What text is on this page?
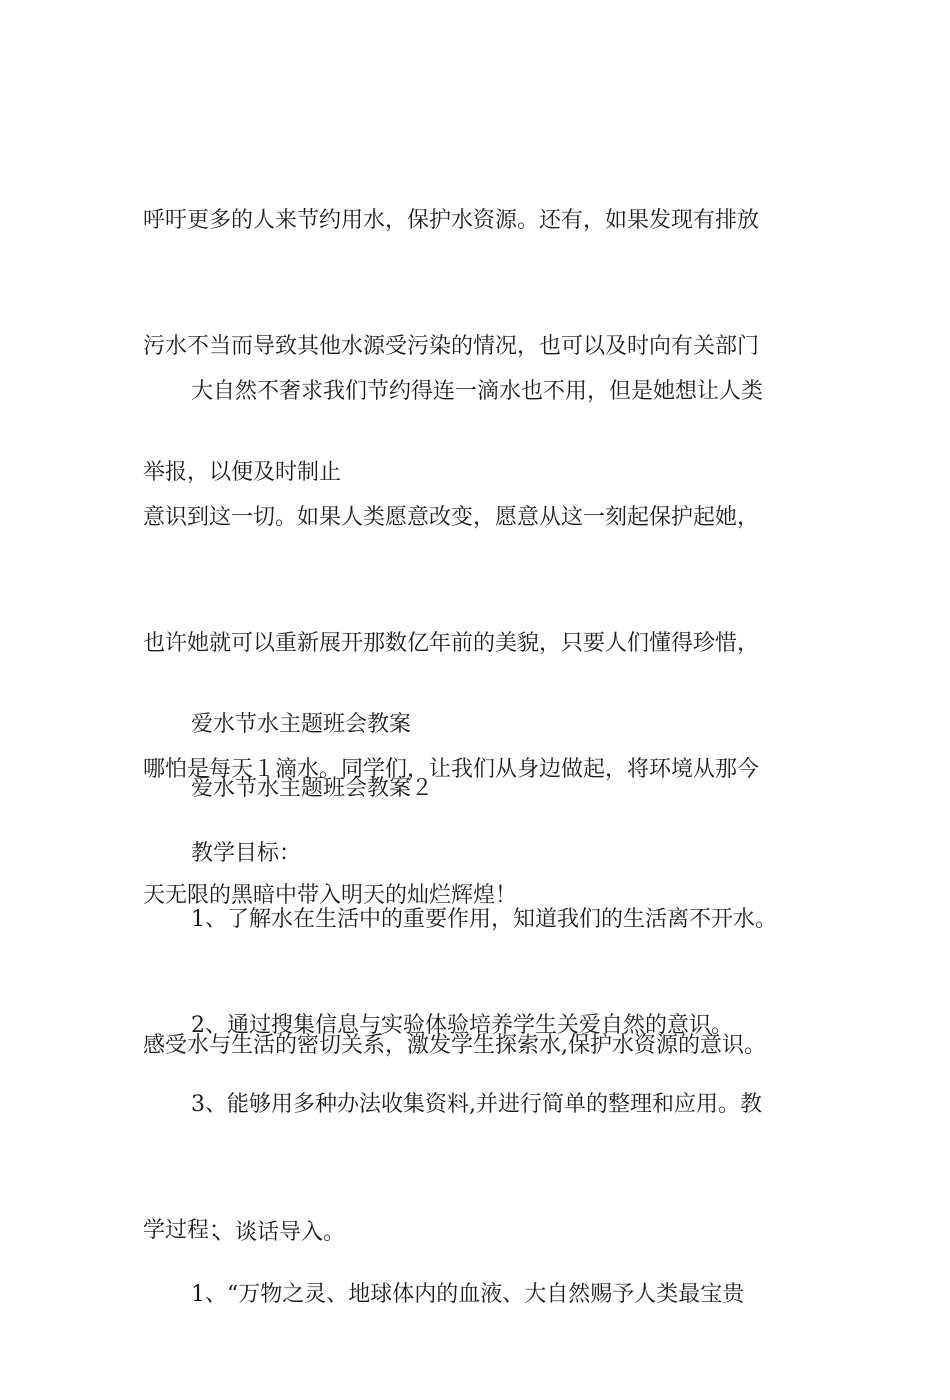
呼吁更多的人来节约用水，保护水资源。还有，如果发现有排放

污水不当而导致其他水源受污染的情况，也可以及时向有关部门

举报，以便及时制止

大自然不奢求我们节约得连一滴水也不用，但是她想让人类

意识到这一切。如果人类愿意改变，愿意从这一刻起保护起她，

也许她就可以重新展开那数亿年前的美貌，只要人们懂得珍惜，

哪怕是每天１滴水。同学们，让我们从身边做起，将环境从那今

天无限的黑暗中带入明天的灿烂辉煌！

爱水节水主题班会教案

爱水节水主题班会教案２

教学目标：

1、了解水在生活中的重要作用，知道我们的生活离不开水。

感受水与生活的密切关系，激发学生探索水,保护水资源的意识。

2、通过搜集信息与实验体验培养学生关爱自然的意识。

3、能够用多种办法收集资料,并进行简单的整理和应用。教

学过程：

、谈话导入。

1、“万物之灵、地球体内的血液、大自然赐予人类最宝贵
